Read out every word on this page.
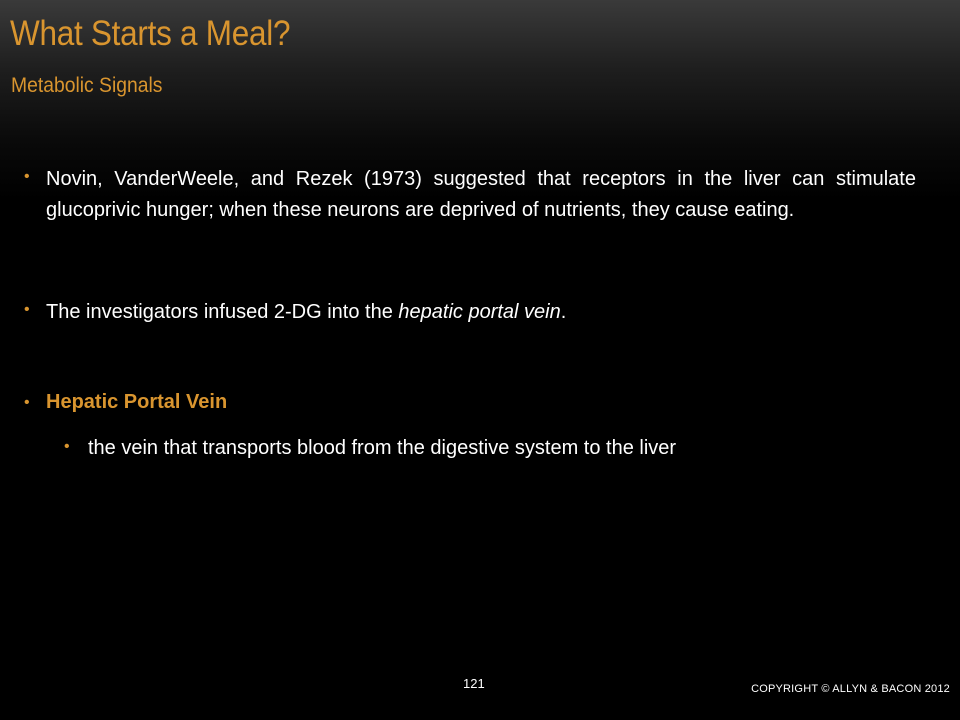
What Starts a Meal?
Metabolic Signals
• Novin, VanderWeele, and Rezek (1973) suggested that receptors in the liver can stimulate glucoprivic hunger; when these neurons are deprived of nutrients, they cause eating.
• The investigators infused 2-DG into the hepatic portal vein.
• Hepatic Portal Vein
• the vein that transports blood from the digestive system to the liver
121	COPYRIGHT © ALLYN & BACON 2012
